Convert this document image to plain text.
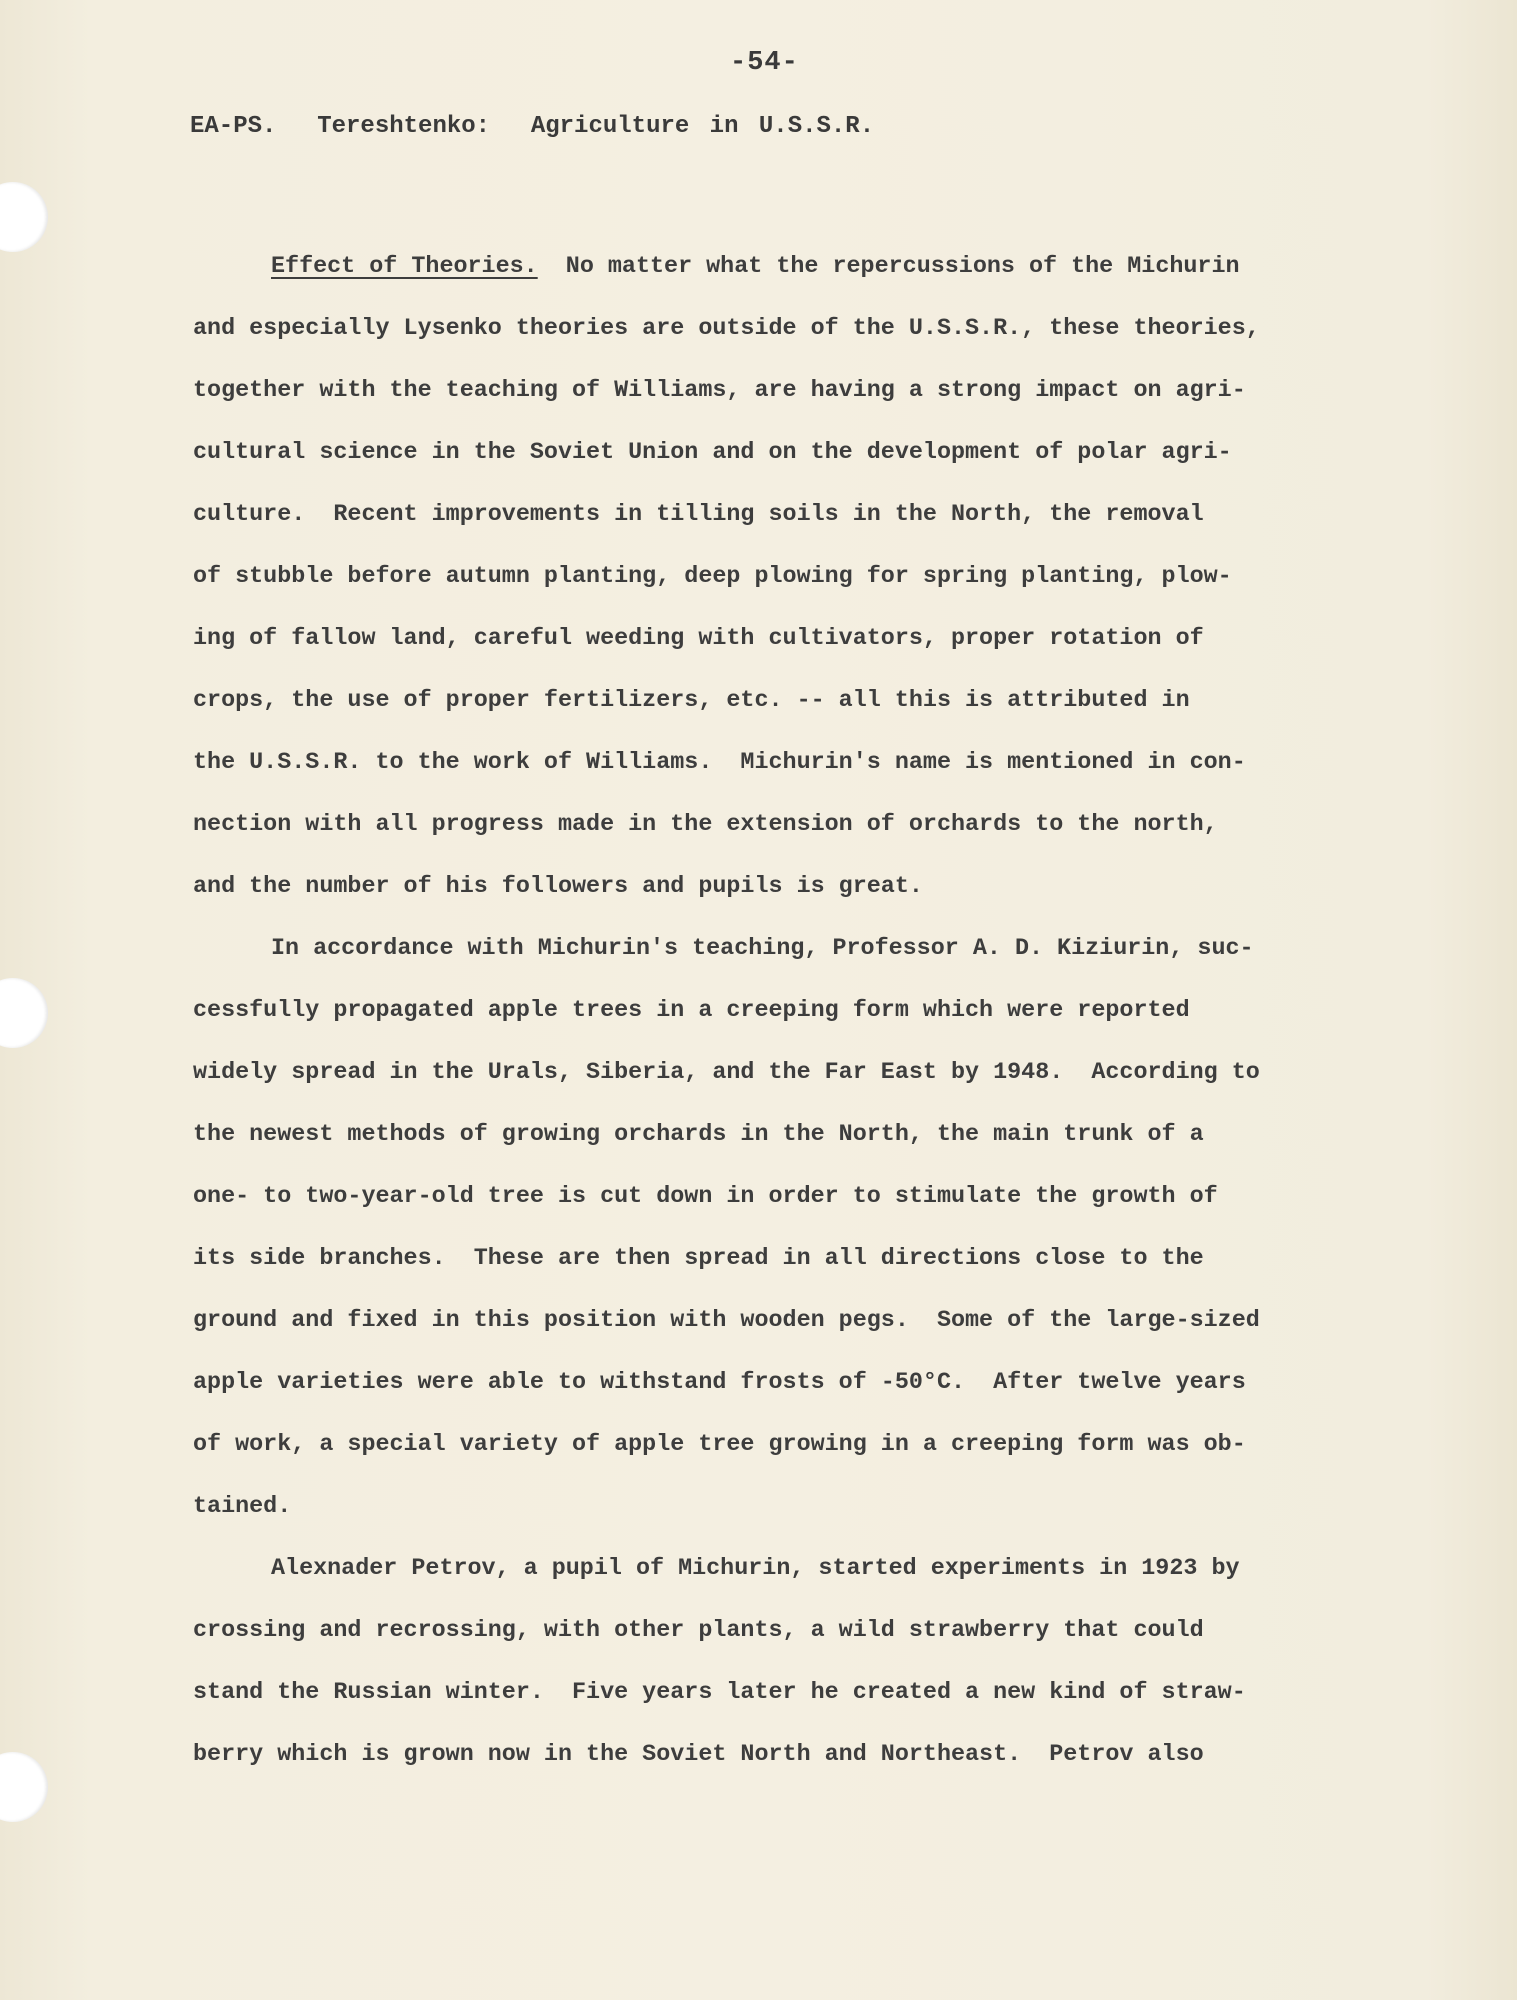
-54-
EA-PS.  Tereshtenko:  Agriculture in U.S.S.R.
Effect of Theories.  No matter what the repercussions of the Michurin
and especially Lysenko theories are outside of the U.S.S.R., these theories,
together with the teaching of Williams, are having a strong impact on agri-
cultural science in the Soviet Union and on the development of polar agri-
culture.  Recent improvements in tilling soils in the North, the removal
of stubble before autumn planting, deep plowing for spring planting, plow-
ing of fallow land, careful weeding with cultivators, proper rotation of
crops, the use of proper fertilizers, etc. -- all this is attributed in
the U.S.S.R. to the work of Williams.  Michurin's name is mentioned in con-
nection with all progress made in the extension of orchards to the north,
and the number of his followers and pupils is great.
In accordance with Michurin's teaching, Professor A. D. Kiziurin, suc-
cessfully propagated apple trees in a creeping form which were reported
widely spread in the Urals, Siberia, and the Far East by 1948.  According to
the newest methods of growing orchards in the North, the main trunk of a
one- to two-year-old tree is cut down in order to stimulate the growth of
its side branches.  These are then spread in all directions close to the
ground and fixed in this position with wooden pegs.  Some of the large-sized
apple varieties were able to withstand frosts of -50°C.  After twelve years
of work, a special variety of apple tree growing in a creeping form was ob-
tained.
Alexnader Petrov, a pupil of Michurin, started experiments in 1923 by
crossing and recrossing, with other plants, a wild strawberry that could
stand the Russian winter.  Five years later he created a new kind of straw-
berry which is grown now in the Soviet North and Northeast.  Petrov also
